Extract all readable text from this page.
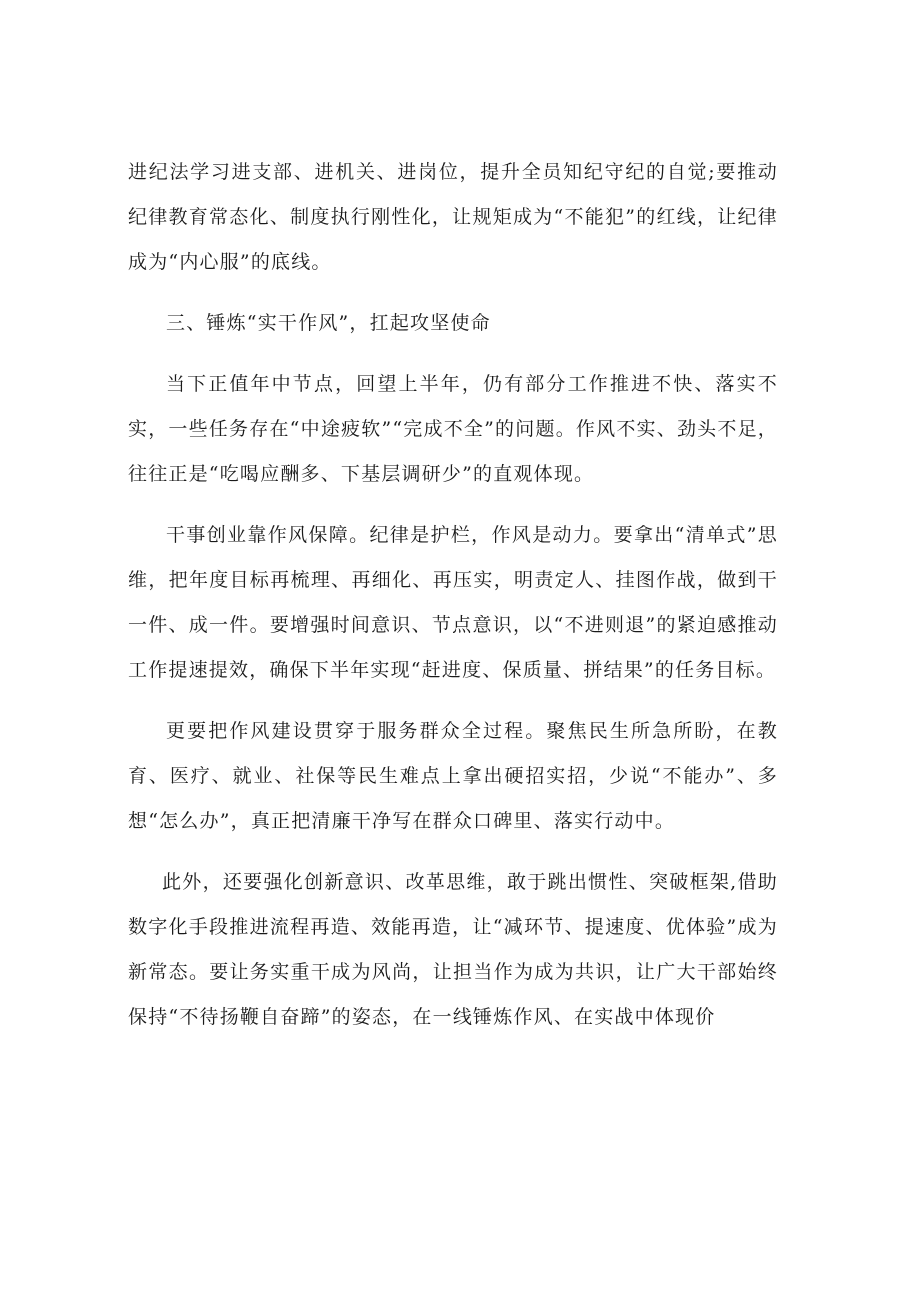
进纪法学习进支部、进机关、进岗位，提升全员知纪守纪的自觉;要推动纪律教育常态化、制度执行刚性化，让规矩成为“不能犯”的红线，让纪律成为“内心服”的底线。

三、锤炼“实干作风”，扛起攻坚使命

当下正值年中节点，回望上半年，仍有部分工作推进不快、落实不实，一些任务存在“中途疲软”“完成不全”的问题。作风不实、劲头不足，往往正是“吃喝应酬多、下基层调研少”的直观体现。

干事创业靠作风保障。纪律是护栏，作风是动力。要拿出“清单式”思维，把年度目标再梳理、再细化、再压实，明责定人、挂图作战，做到干一件、成一件。要增强时间意识、节点意识，以“不进则退”的紧迫感推动工作提速提效，确保下半年实现“赶进度、保质量、拼结果”的任务目标。

更要把作风建设贯穿于服务群众全过程。聚焦民生所急所盼，在教育、医疗、就业、社保等民生难点上拿出硬招实招，少说“不能办”、多想“怎么办”，真正把清廉干净写在群众口碑里、落实行动中。

此外，还要强化创新意识、改革思维，敢于跳出惯性、突破框架,借助数字化手段推进流程再造、效能再造，让“减环节、提速度、优体验”成为新常态。要让务实重干成为风尚，让担当作为成为共识，让广大干部始终保持“不待扬鞭自奋蹄”的姿态，在一线锤炼作风、在实战中体现价
